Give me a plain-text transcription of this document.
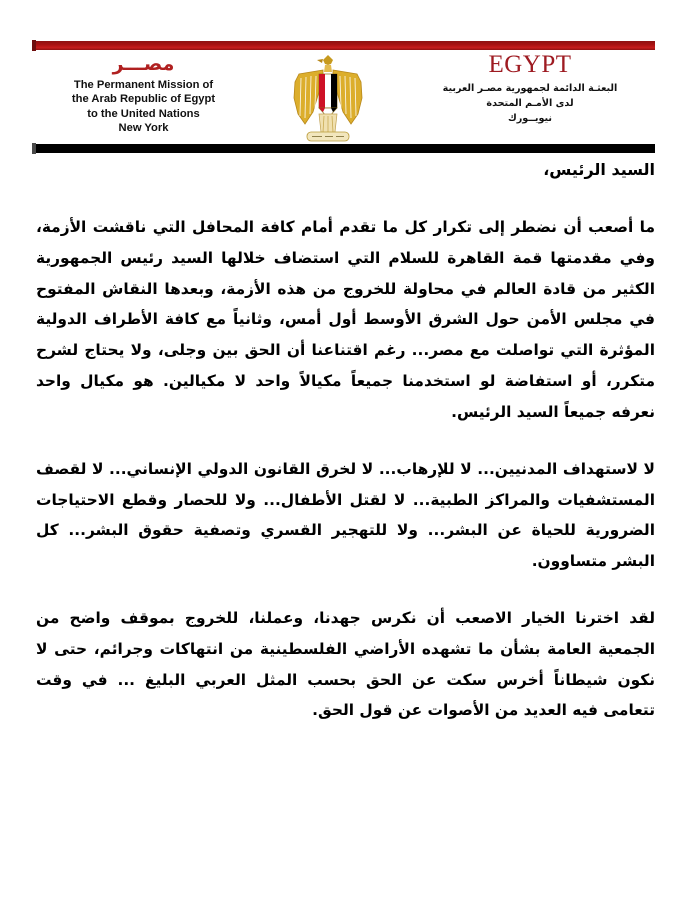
مصـــر
The Permanent Mission of
the Arab Republic of Egypt
to the United Nations
New York
EGYPT
البعثـة الدائمة لجمهورية مصـر العربية
لدى الأمـم المتحدة
نيويــورك
السيد الرئيس،

ما أصعب أن نضطر إلى تكرار كل ما تقدم أمام كافة المحافل التي ناقشت الأزمة، وفي مقدمتها قمة القاهرة للسلام التي استضاف خلالها السيد رئيس الجمهورية الكثير من قادة العالم في محاولة للخروج من هذه الأزمة، وبعدها النقاش المفتوح في مجلس الأمن حول الشرق الأوسط أول أمس، وثانياً مع كافة الأطراف الدولية المؤثرة التي تواصلت مع مصر... رغم اقتناعنا أن الحق بين وجلى، ولا يحتاج لشرح متكرر، أو استفاضة لو استخدمنا جميعاً مكيالاً واحد لا مكيالين. هو مكيال واحد نعرفه جميعاً السيد الرئيس.

لا لاستهداف المدنيين... لا للإرهاب... لا لخرق القانون الدولي الإنساني... لا لقصف المستشفيات والمراكز الطبية... لا لقتل الأطفال... ولا للحصار وقطع الاحتياجات الضرورية للحياة عن البشر... ولا للتهجير القسري وتصفية حقوق البشر... كل البشر متساوون.

لقد اخترنا الخيار الاصعب أن نكرس جهدنا، وعملنا، للخروج بموقف واضح من الجمعية العامة بشأن ما تشهده الأراضي الفلسطينية من انتهاكات وجرائم، حتى لا نكون شيطاناً أخرس سكت عن الحق بحسب المثل العربي البليغ ... في وقت تتعامى فيه العديد من الأصوات عن قول الحق.
